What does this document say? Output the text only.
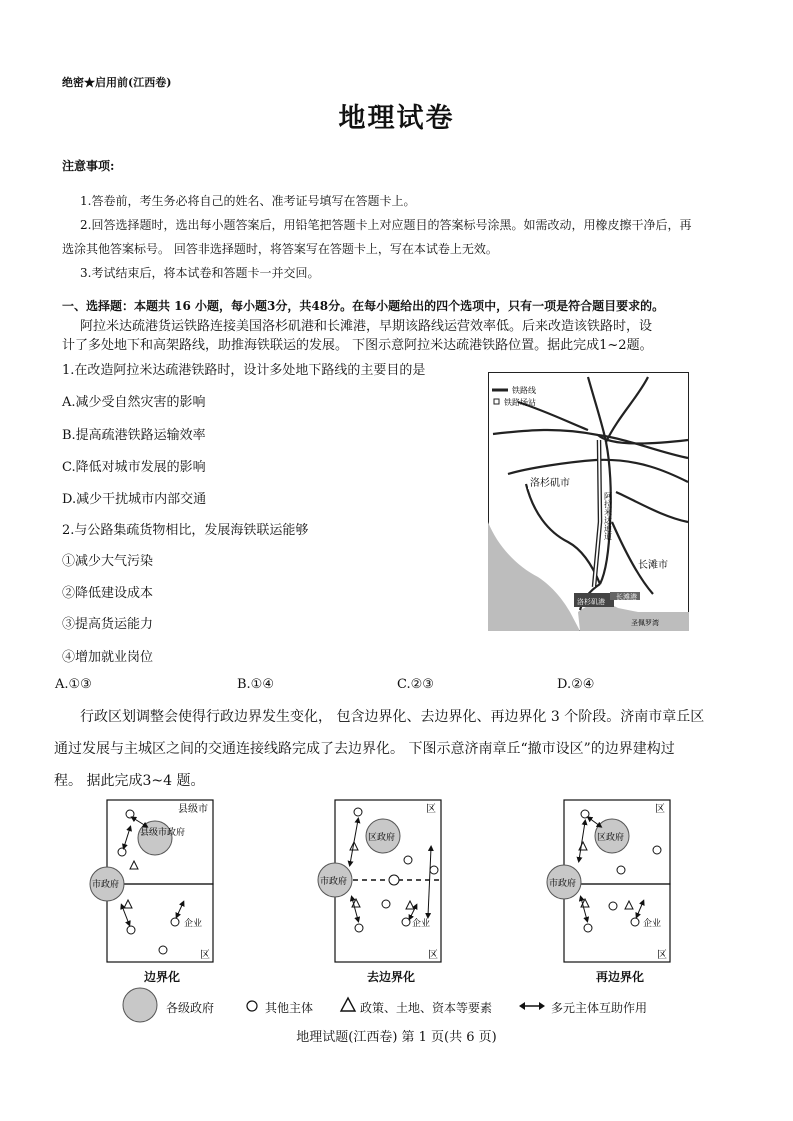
绝密★启用前(江西卷)
地理试卷
注意事项:
1.答卷前，考生务必将自己的姓名、准考证号填写在答题卡上。
2.回答选择题时，选出每小题答案后，用铅笔把答题卡上对应题目的答案标号涂黑。如需改动，用橡皮擦干净后，再
选涂其他答案标号。 回答非选择题时，将答案写在答题卡上，写在本试卷上无效。
3.考试结束后，将本试卷和答题卡一并交回。
一、选择题：本题共 16 小题，每小题3分，共48分。在每小题给出的四个选项中，只有一项是符合题目要求的。
阿拉米达疏港货运铁路连接美国洛杉矶港和长滩港，早期该路线运营效率低。后来改造该铁路时，设
计了多处地下和高架路线，助推海铁联运的发展。 下图示意阿拉米达疏港铁路位置。据此完成1~2题。
1.在改造阿拉米达疏港铁路时，设计多处地下路线的主要目的是
A.减少受自然灾害的影响
B.提高疏港铁路运输效率
C.降低对城市发展的影响
D.减少干扰城市内部交通
2.与公路集疏货物相比，发展海铁联运能够
①减少大气污染
②降低建设成本
③提高货运能力
④增加就业岗位
A.①③	B.①④	C.②③	D.②④
铁路线
铁路场站
洛杉矶市
长滩市
长滩港
洛杉矶港
圣佩罗湾
阿拉米达通道
行政区划调整会使得行政边界发生变化， 包含边界化、去边界化、再边界化 3 个阶段。济南市章丘区
通过发展与主城区之间的交通连接线路完成了去边界化。 下图示意济南章丘“撤市设区”的边界建构过
程。 据此完成3~4 题。
县级市
区
县级市政府
市政府
企业
边界化
区
区
区政府
市政府
企业
去边界化
区
区
区政府
市政府
企业
再边界化
各级政府	其他主体	政策、土地、资本等要素	多元主体互助作用
地理试题(江西卷) 第 1 页(共 6 页)
